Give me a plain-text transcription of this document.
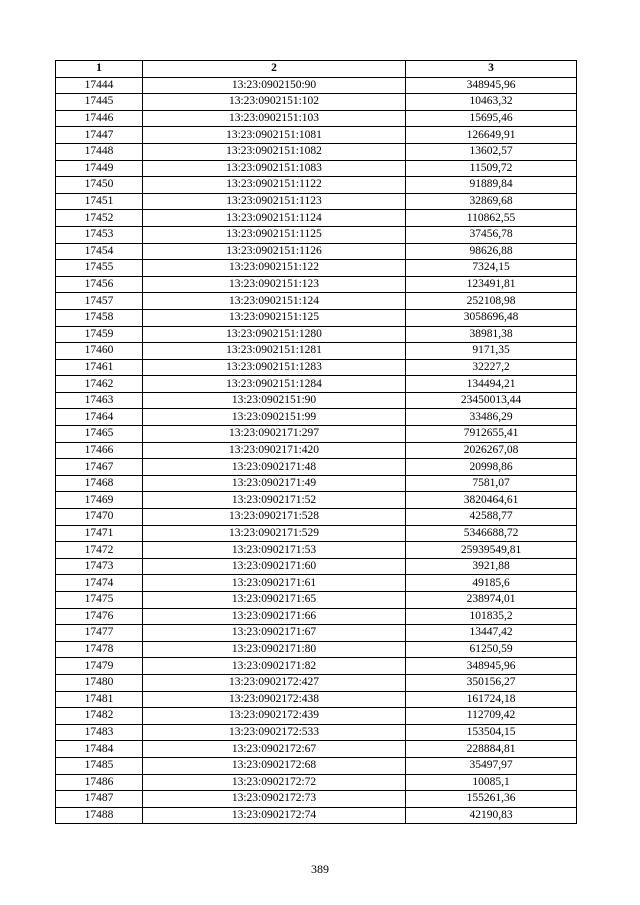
1	2	3
17444	13:23:0902150:90	348945,96
17445	13:23:0902151:102	10463,32
17446	13:23:0902151:103	15695,46
17447	13:23:0902151:1081	126649,91
17448	13:23:0902151:1082	13602,57
17449	13:23:0902151:1083	11509,72
17450	13:23:0902151:1122	91889,84
17451	13:23:0902151:1123	32869,68
17452	13:23:0902151:1124	110862,55
17453	13:23:0902151:1125	37456,78
17454	13:23:0902151:1126	98626,88
17455	13:23:0902151:122	7324,15
17456	13:23:0902151:123	123491,81
17457	13:23:0902151:124	252108,98
17458	13:23:0902151:125	3058696,48
17459	13:23:0902151:1280	38981,38
17460	13:23:0902151:1281	9171,35
17461	13:23:0902151:1283	32227,2
17462	13:23:0902151:1284	134494,21
17463	13:23:0902151:90	23450013,44
17464	13:23:0902151:99	33486,29
17465	13:23:0902171:297	7912655,41
17466	13:23:0902171:420	2026267,08
17467	13:23:0902171:48	20998,86
17468	13:23:0902171:49	7581,07
17469	13:23:0902171:52	3820464,61
17470	13:23:0902171:528	42588,77
17471	13:23:0902171:529	5346688,72
17472	13:23:0902171:53	25939549,81
17473	13:23:0902171:60	3921,88
17474	13:23:0902171:61	49185,6
17475	13:23:0902171:65	238974,01
17476	13:23:0902171:66	101835,2
17477	13:23:0902171:67	13447,42
17478	13:23:0902171:80	61250,59
17479	13:23:0902171:82	348945,96
17480	13:23:0902172:427	350156,27
17481	13:23:0902172:438	161724,18
17482	13:23:0902172:439	112709,42
17483	13:23:0902172:533	153504,15
17484	13:23:0902172:67	228884,81
17485	13:23:0902172:68	35497,97
17486	13:23:0902172:72	10085,1
17487	13:23:0902172:73	155261,36
17488	13:23:0902172:74	42190,83
389
